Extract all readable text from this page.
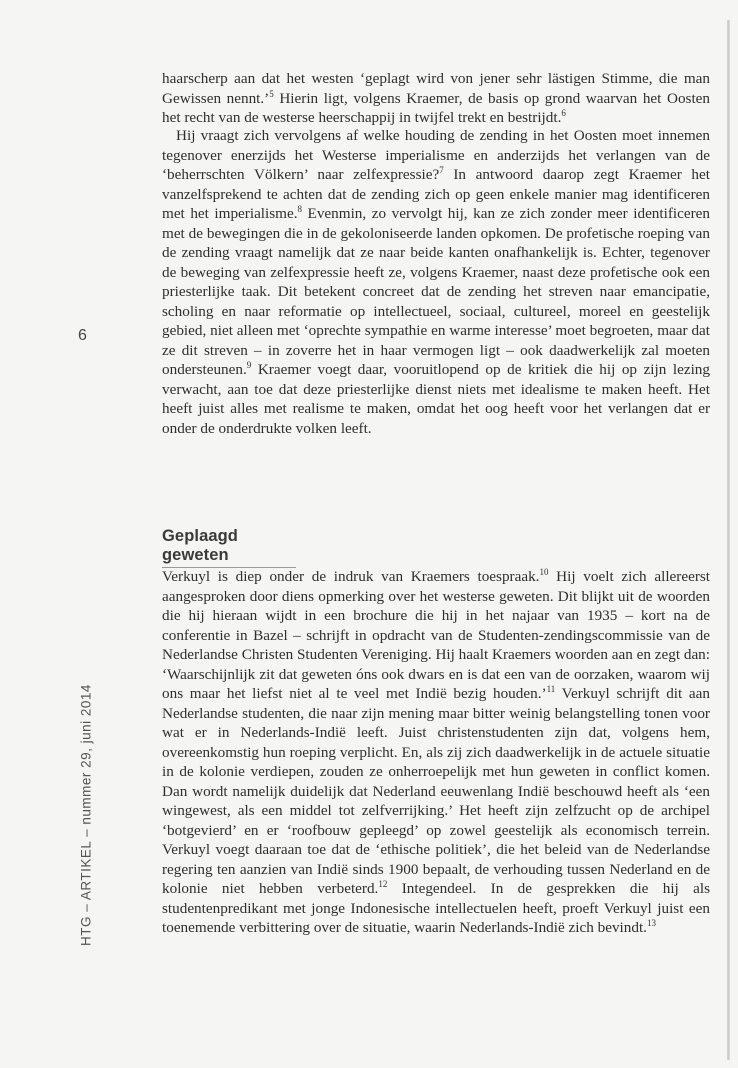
6
HTG – ARTIKEL – nummer 29, juni 2014

haarscherp aan dat het westen ‘geplagt wird von jener sehr lästigen Stimme, die man Gewissen nennt.’$^5$ Hierin ligt, volgens Kraemer, de basis op grond waarvan het Oosten het recht van de westerse heerschappij in twijfel trekt en bestrijdt.$^6$

Hij vraagt zich vervolgens af welke houding de zending in het Oosten moet innemen tegenover enerzijds het Westerse imperialisme en anderzijds het verlangen van de ‘beherrschten Völkern’ naar zelfexpressie?$^7$ In antwoord daarop zegt Kraemer het vanzelfsprekend te achten dat de zending zich op geen enkele manier mag identificeren met het imperialisme.$^8$ Evenmin, zo vervolgt hij, kan ze zich zonder meer identificeren met de bewegingen die in de gekoloniseerde landen opkomen. De profetische roeping van de zending vraagt namelijk dat ze naar beide kanten onafhankelijk is. Echter, tegenover de beweging van zelfexpressie heeft ze, volgens Kraemer, naast deze profetische ook een priesterlijke taak. Dit betekent concreet dat de zending het streven naar emancipatie, scholing en naar reformatie op intellectueel, sociaal, cultureel, moreel en geestelijk gebied, niet alleen met ‘oprechte sympathie en warme interesse’ moet begroeten, maar dat ze dit streven – in zoverre het in haar vermogen ligt – ook daadwerkelijk zal moeten ondersteunen.$^9$ Kraemer voegt daar, vooruitlopend op de kritiek die hij op zijn lezing verwacht, aan toe dat deze priesterlijke dienst niets met idealisme te maken heeft. Het heeft juist alles met realisme te maken, omdat het oog heeft voor het verlangen dat er onder de onderdrukte volken leeft.

Geplaagd geweten

Verkuyl is diep onder de indruk van Kraemers toespraak.$^{10}$ Hij voelt zich allereerst aangesproken door diens opmerking over het westerse geweten. Dit blijkt uit de woorden die hij hieraan wijdt in een brochure die hij in het najaar van 1935 – kort na de conferentie in Bazel – schrijft in opdracht van de Studenten-zendingscommissie van de Nederlandse Christen Studenten Vereniging. Hij haalt Kraemers woorden aan en zegt dan: ‘Waarschijnlijk zit dat geweten óns ook dwars en is dat een van de oorzaken, waarom wij ons maar het liefst niet al te veel met Indië bezig houden.’$^{11}$ Verkuyl schrijft dit aan Nederlandse studenten, die naar zijn mening maar bitter weinig belangstelling tonen voor wat er in Nederlands-Indië leeft. Juist christenstudenten zijn dat, volgens hem, overeenkomstig hun roeping verplicht. En, als zij zich daadwerkelijk in de actuele situatie in de kolonie verdiepen, zouden ze onherroepelijk met hun geweten in conflict komen. Dan wordt namelijk duidelijk dat Nederland eeuwenlang Indië beschouwd heeft als ‘een wingewest, als een middel tot zelfverrijking.’ Het heeft zijn zelfzucht op de archipel ‘botgevierd’ en er ‘roofbouw gepleegd’ op zowel geestelijk als economisch terrein. Verkuyl voegt daaraan toe dat de ‘ethische politiek’, die het beleid van de Nederlandse regering ten aanzien van Indië sinds 1900 bepaalt, de verhouding tussen Nederland en de kolonie niet hebben verbeterd.$^{12}$ Integendeel. In de gesprekken die hij als studentenpredikant met jonge Indonesische intellectuelen heeft, proeft Verkuyl juist een toenemende verbittering over de situatie, waarin Nederlands-Indië zich bevindt.$^{13}$
